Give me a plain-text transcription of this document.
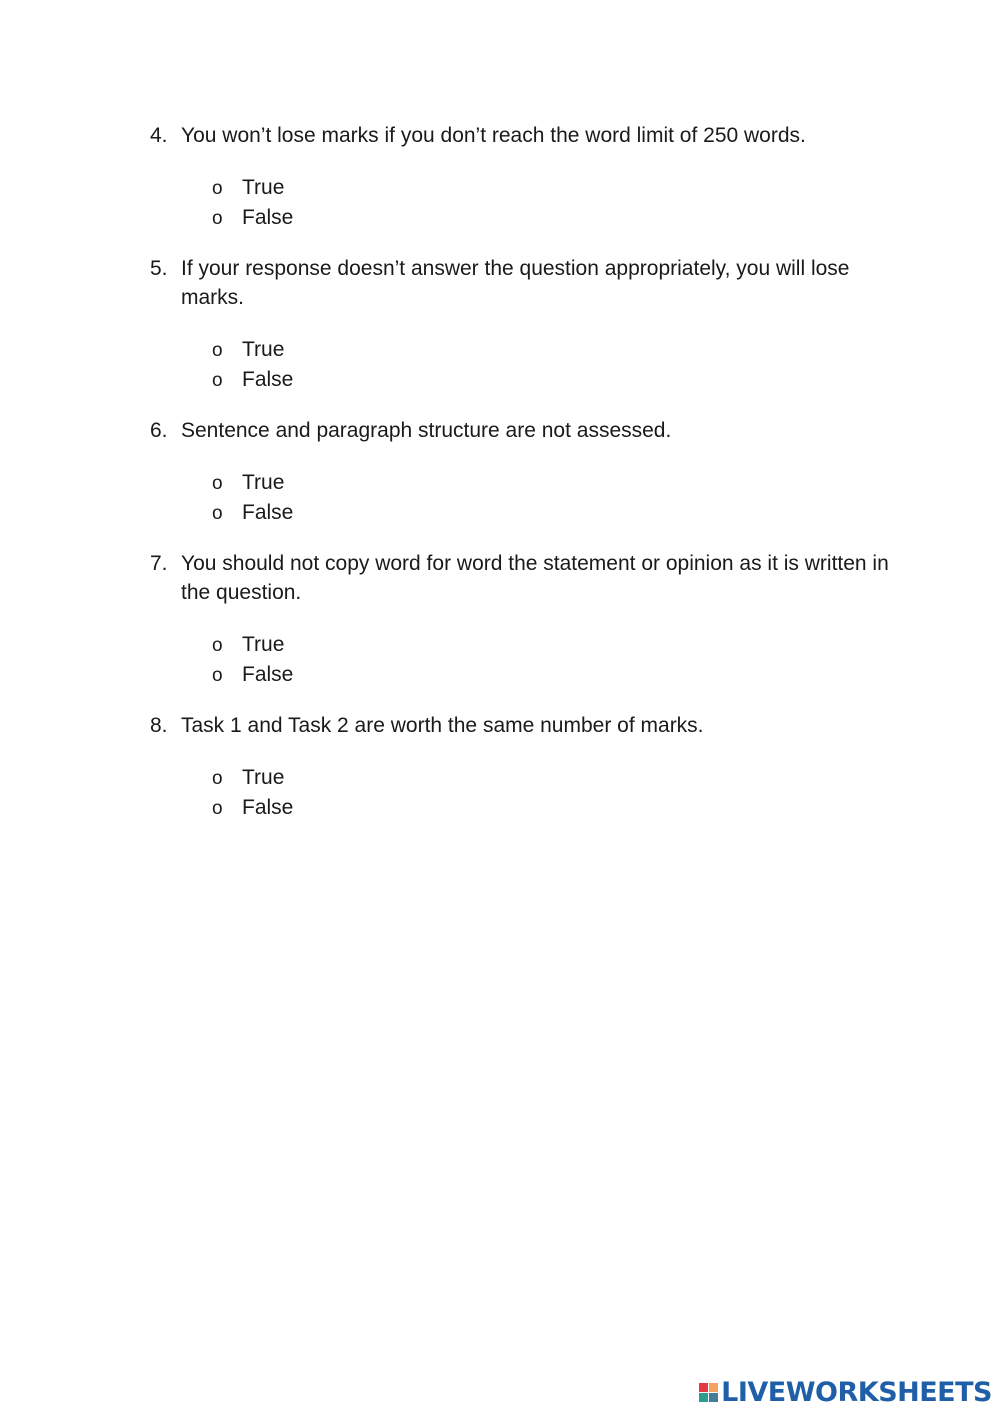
4. You won’t lose marks if you don’t reach the word limit of 250 words.
o True
o False
5. If your response doesn’t answer the question appropriately, you will lose marks.
o True
o False
6. Sentence and paragraph structure are not assessed.
o True
o False
7. You should not copy word for word the statement or opinion as it is written in the question.
o True
o False
8. Task 1 and Task 2 are worth the same number of marks.
o True
o False
LIVEWORKSHEETS
